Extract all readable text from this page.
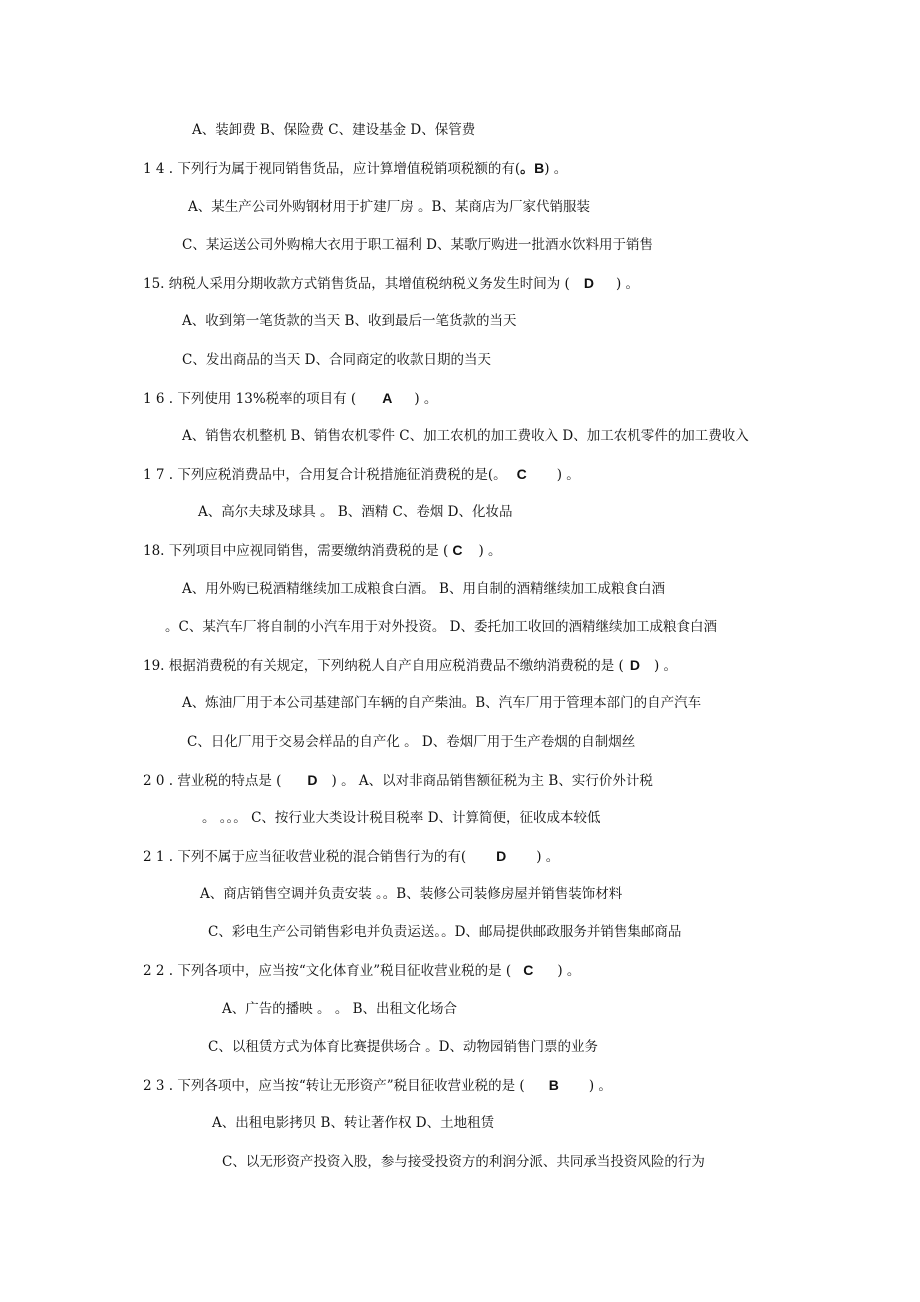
A、装卸费 B、保险费 C、建设基金 D、保管费
1 4 . 下列行为属于视同销售货品，应计算增值税销项税额的有(。B) 。
A、某生产公司外购钢材用于扩建厂房 。B、某商店为厂家代销服装
C、某运送公司外购棉大衣用于职工福利 D、某歌厅购进一批酒水饮料用于销售
15. 纳税人采用分期收款方式销售货品，其增值税纳税义务发生时间为 ( D ) 。
A、收到第一笔货款的当天 B、收到最后一笔货款的当天
C、发出商品的当天 D、合同商定的收款日期的当天
1 6 . 下列使用 13%税率的项目有 ( A ) 。
A、销售农机整机 B、销售农机零件 C、加工农机的加工费收入 D、加工农机零件的加工费收入
1 7 . 下列应税消费品中，合用复合计税措施征消费税的是(。 C ) 。
A、高尔夫球及球具 。 B、酒精 C、卷烟 D、化妆品
18. 下列项目中应视同销售，需要缴纳消费税的是 ( C ) 。
A、用外购已税酒精继续加工成粮食白酒。 B、用自制的酒精继续加工成粮食白酒
。C、某汽车厂将自制的小汽车用于对外投资。 D、委托加工收回的酒精继续加工成粮食白酒
19. 根据消费税的有关规定，下列纳税人自产自用应税消费品不缴纳消费税的是 ( D ) 。
A、炼油厂用于本公司基建部门车辆的自产柴油。B、汽车厂用于管理本部门的自产汽车
C、日化厂用于交易会样品的自产化 。 D、卷烟厂用于生产卷烟的自制烟丝
2 0 . 营业税的特点是 ( D ) 。 A、以对非商品销售额征税为主 B、实行价外计税
。 。。。 C、按行业大类设计税目税率 D、计算简便，征收成本较低
2 1 . 下列不属于应当征收营业税的混合销售行为的有( D ) 。
A、商店销售空调并负责安装 。。B、装修公司装修房屋并销售装饰材料
C、彩电生产公司销售彩电并负责运送。。D、邮局提供邮政服务并销售集邮商品
2 2 . 下列各项中，应当按“文化体育业”税目征收营业税的是 ( C ) 。
A、广告的播映 。 。 B、出租文化场合
C、以租赁方式为体育比赛提供场合 。D、动物园销售门票的业务
2 3 . 下列各项中，应当按“转让无形资产”税目征收营业税的是 ( B ) 。
A、出租电影拷贝 B、转让著作权 D、土地租赁
C、以无形资产投资入股，参与接受投资方的利润分派、共同承当投资风险的行为
